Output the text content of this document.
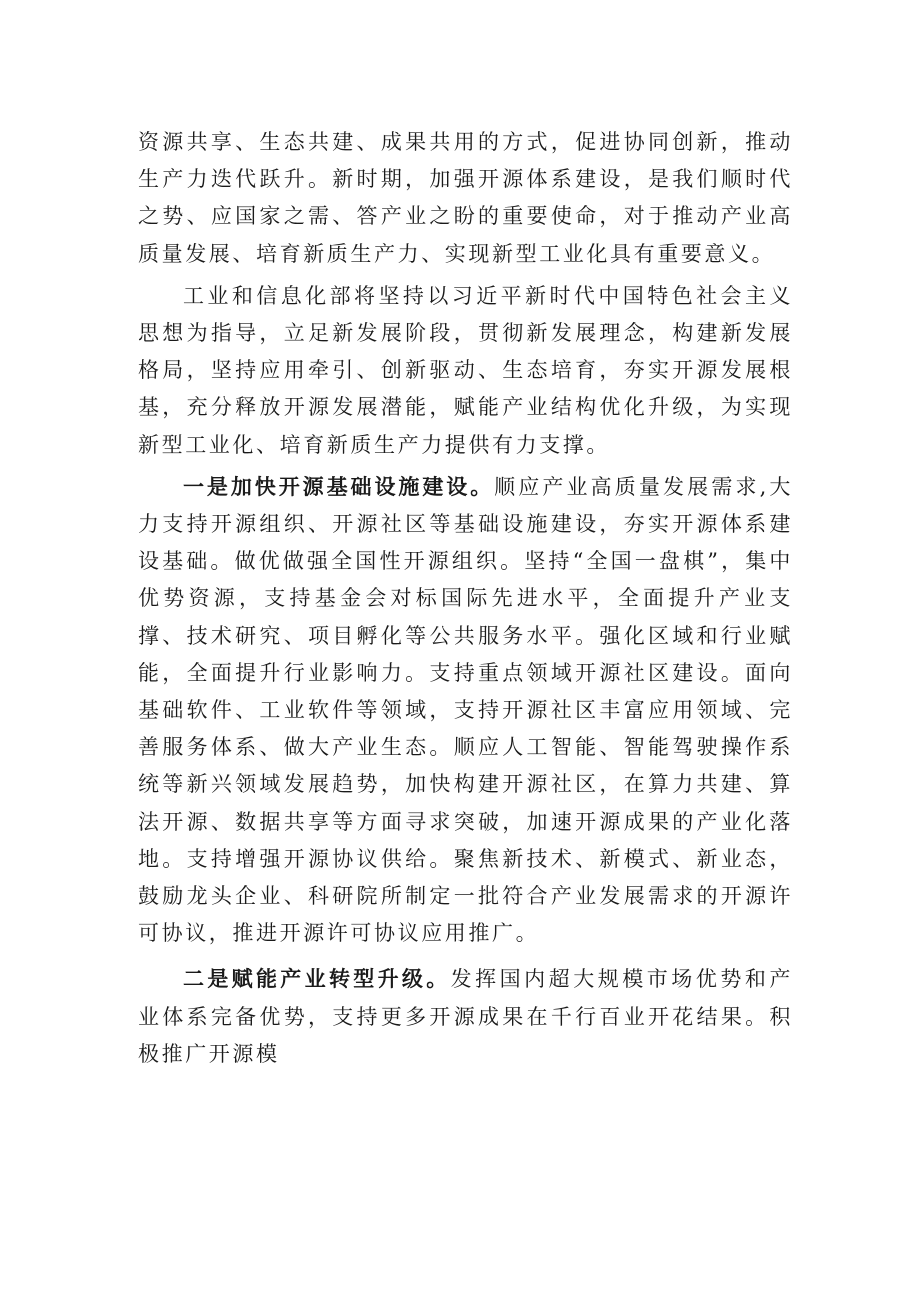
资源共享、生态共建、成果共用的方式，促进协同创新，推动生产力迭代跃升。新时期，加强开源体系建设，是我们顺时代之势、应国家之需、答产业之盼的重要使命，对于推动产业高质量发展、培育新质生产力、实现新型工业化具有重要意义。

工业和信息化部将坚持以习近平新时代中国特色社会主义思想为指导，立足新发展阶段，贯彻新发展理念，构建新发展格局，坚持应用牵引、创新驱动、生态培育，夯实开源发展根基，充分释放开源发展潜能，赋能产业结构优化升级，为实现新型工业化、培育新质生产力提供有力支撑。

一是加快开源基础设施建设。顺应产业高质量发展需求,大力支持开源组织、开源社区等基础设施建设，夯实开源体系建设基础。做优做强全国性开源组织。坚持“全国一盘棋”，集中优势资源，支持基金会对标国际先进水平，全面提升产业支撑、技术研究、项目孵化等公共服务水平。强化区域和行业赋能，全面提升行业影响力。支持重点领域开源社区建设。面向基础软件、工业软件等领域，支持开源社区丰富应用领域、完善服务体系、做大产业生态。顺应人工智能、智能驾驶操作系统等新兴领域发展趋势，加快构建开源社区，在算力共建、算法开源、数据共享等方面寻求突破，加速开源成果的产业化落地。支持增强开源协议供给。聚焦新技术、新模式、新业态，鼓励龙头企业、科研院所制定一批符合产业发展需求的开源许可协议，推进开源许可协议应用推广。

二是赋能产业转型升级。发挥国内超大规模市场优势和产业体系完备优势，支持更多开源成果在千行百业开花结果。积极推广开源模
